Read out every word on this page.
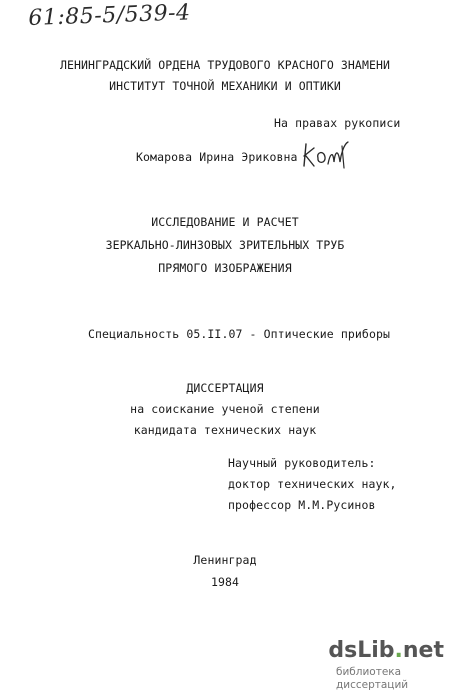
61:85-5/539-4
ЛЕНИНГРАДСКИЙ ОРДЕНА ТРУДОВОГО КРАСНОГО ЗНАМЕНИ
ИНСТИТУТ ТОЧНОЙ МЕХАНИКИ И ОПТИКИ
На правах рукописи
Комарова Ирина Эриковна
ИССЛЕДОВАНИЕ И РАСЧЕТ
ЗЕРКАЛЬНО-ЛИНЗОВЫХ ЗРИТЕЛЬНЫХ ТРУБ
ПРЯМОГО ИЗОБРАЖЕНИЯ
Специальность 05.II.07 - Оптические приборы
ДИССЕРТАЦИЯ
на соискание ученой степени
кандидата технических наук
Научный руководитель:
доктор технических наук,
профессор М.М.Русинов
Ленинград
1984
dsLib.net
библиотека диссертаций
